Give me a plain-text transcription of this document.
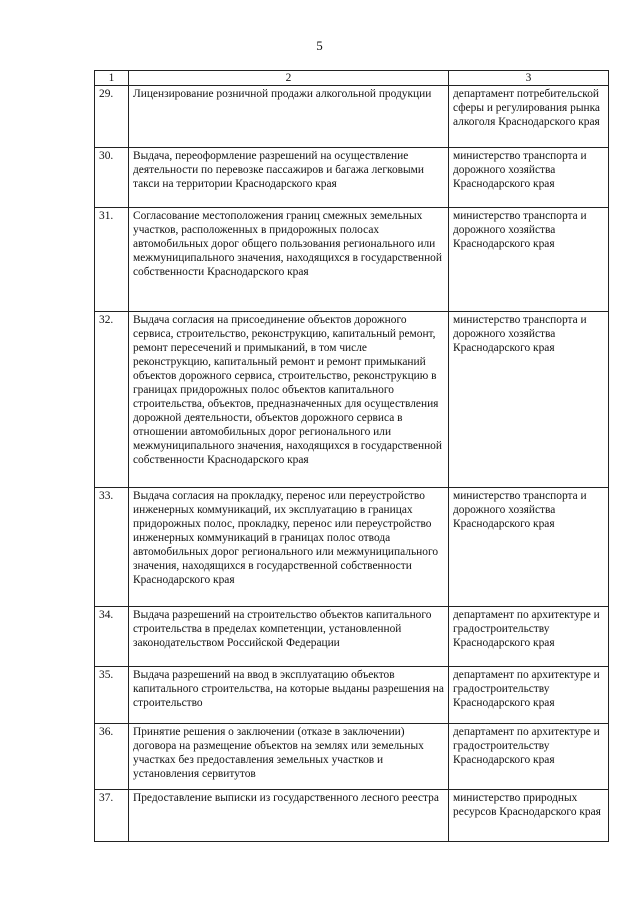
5
1	2	3
29.	Лицензирование розничной продажи алкогольной продукции	департамент потребительской сферы и регулирования рынка алкоголя Краснодарского края
30.	Выдача, переоформление разрешений на осуществление деятельности по перевозке пассажиров и багажа легковыми такси на территории Краснодарского края	министерство транспорта и дорожного хозяйства Краснодарского края
31.	Согласование местоположения границ смежных земельных участков, расположенных в придорожных полосах автомобильных дорог общего пользования регионального или межмуниципального значения, находящихся в государственной собственности Краснодарского края	министерство транспорта и дорожного хозяйства Краснодарского края
32.	Выдача согласия на присоединение объектов дорожного сервиса, строительство, реконструкцию, капитальный ремонт, ремонт пересечений и примыканий, в том числе реконструкцию, капитальный ремонт и ремонт примыканий объектов дорожного сервиса, строительство, реконструкцию в границах придорожных полос объектов капитального строительства, объектов, предназначенных для осуществления дорожной деятельности, объектов дорожного сервиса в отношении автомобильных дорог регионального или межмуниципального значения, находящихся в государственной собственности Краснодарского края	министерство транспорта и дорожного хозяйства Краснодарского края
33.	Выдача согласия на прокладку, перенос или переустройство инженерных коммуникаций, их эксплуатацию в границах придорожных полос, прокладку, перенос или переустройство инженерных коммуникаций в границах полос отвода автомобильных дорог регионального или межмуниципального значения, находящихся в государственной собственности Краснодарского края	министерство транспорта и дорожного хозяйства Краснодарского края
34.	Выдача разрешений на строительство объектов капитального строительства в пределах компетенции, установленной законодательством Российской Федерации	департамент по архитектуре и градостроительству Краснодарского края
35.	Выдача разрешений на ввод в эксплуатацию объектов капитального строительства, на которые выданы разрешения на строительство	департамент по архитектуре и градостроительству Краснодарского края
36.	Принятие решения о заключении (отказе в заключении) договора на размещение объектов на землях или земельных участках без предоставления земельных участков и установления сервитутов	департамент по архитектуре и градостроительству Краснодарского края
37.	Предоставление выписки из государственного лесного реестра	министерство природных ресурсов Краснодарского края
